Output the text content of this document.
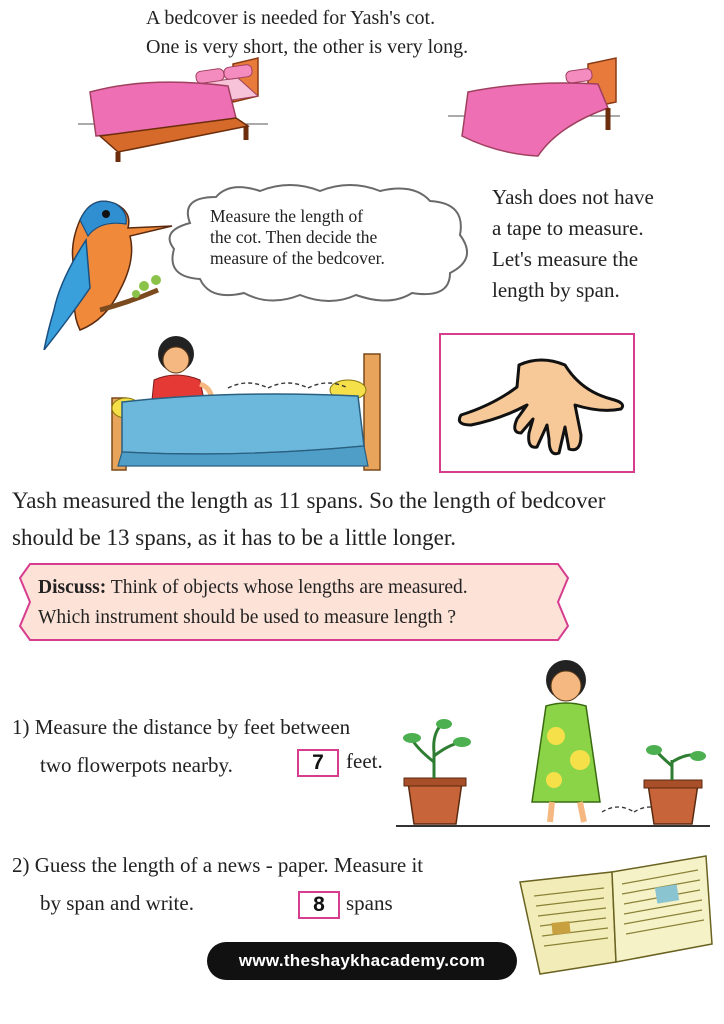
A bedcover is needed for Yash's cot.
One is very short, the other is very long.
Measure the length of
the cot. Then decide the
measure of the bedcover.
Yash does not have
a tape to measure.
Let's measure the
length by span.
Yash measured the length as 11 spans. So the length of bedcover
should be 13 spans, as it has to be a little longer.
Discuss: Think of objects whose lengths are measured.
Which instrument should be used to measure length ?
1) Measure the distance by feet between
two flowerpots nearby.	7	feet.
2) Guess the length of a news - paper. Measure it
by span and write.	8	spans
www.theshaykhacademy.com
